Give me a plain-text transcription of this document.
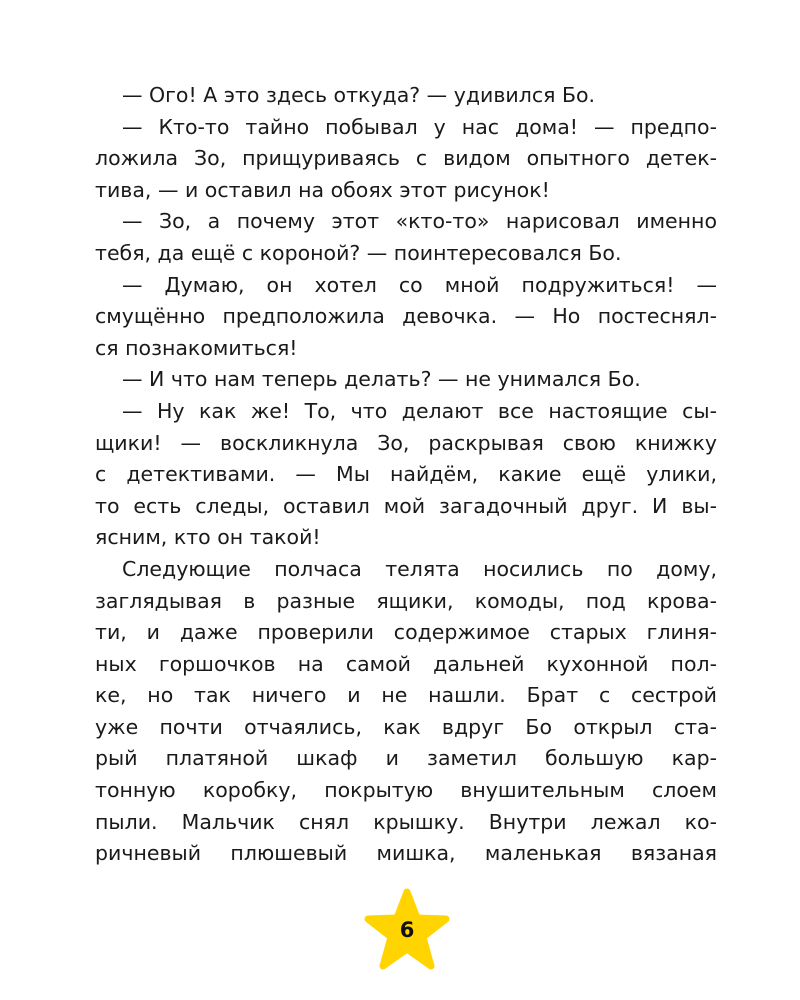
— Ого! А это здесь откуда? — удивился Бо.
— Кто-то тайно побывал у нас дома! — предпо-
ложила Зо, прищуриваясь с видом опытного детек-
тива, — и оставил на обоях этот рисунок!
— Зо, а почему этот «кто-то» нарисовал именно
тебя, да ещё с короной? — поинтересовался Бо.
— Думаю, он хотел со мной подружиться! —
смущённо предположила девочка. — Но постеснял-
ся познакомиться!
— И что нам теперь делать? — не унимался Бо.
— Ну как же! То, что делают все настоящие сы-
щики! — воскликнула Зо, раскрывая свою книжку
с детективами. — Мы найдём, какие ещё улики,
то есть следы, оставил мой загадочный друг. И вы-
ясним, кто он такой!
Следующие полчаса телята носились по дому,
заглядывая в разные ящики, комоды, под крова-
ти, и даже проверили содержимое старых глиня-
ных горшочков на самой дальней кухонной пол-
ке, но так ничего и не нашли. Брат с сестрой
уже почти отчаялись, как вдруг Бо открыл ста-
рый платяной шкаф и заметил большую кар-
тонную коробку, покрытую внушительным слоем
пыли. Мальчик снял крышку. Внутри лежал ко-
ричневый плюшевый мишка, маленькая вязаная
6
